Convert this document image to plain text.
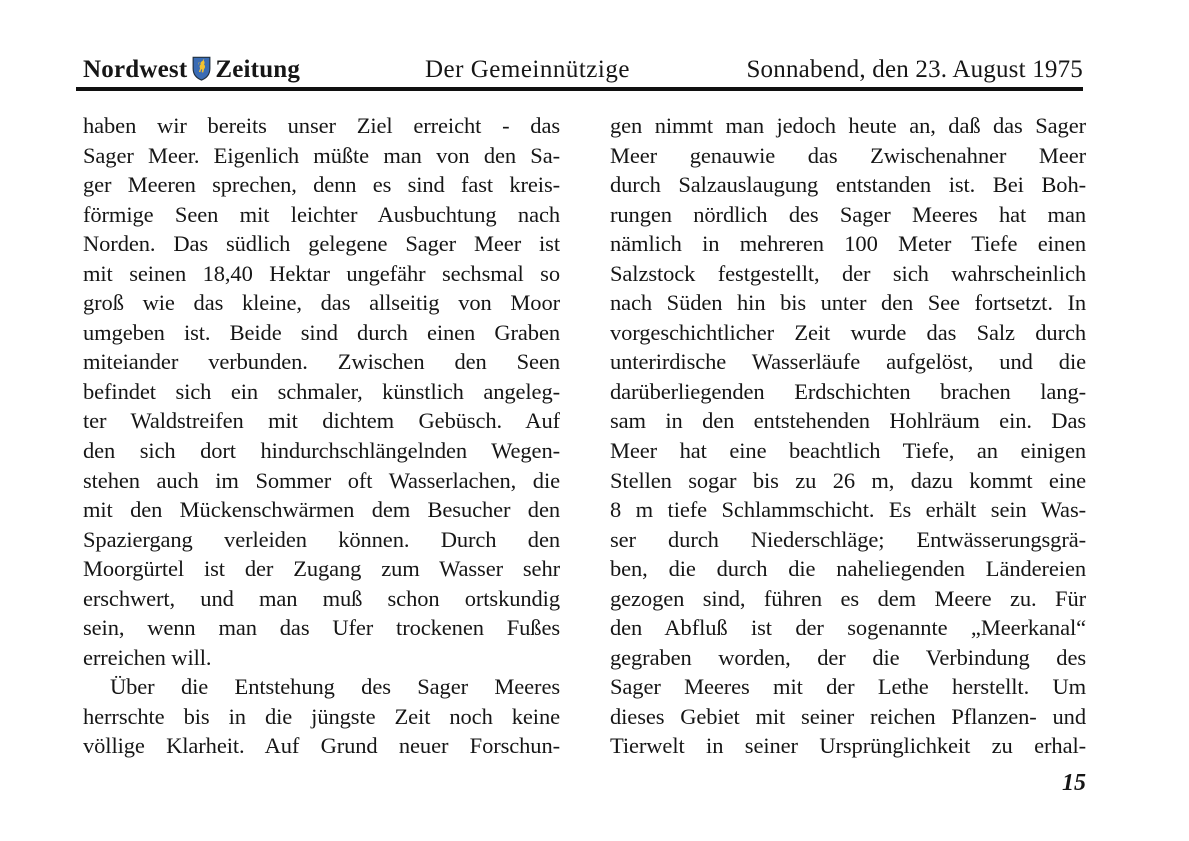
Nordwest Zeitung	Der Gemeinnützige	Sonnabend, den 23. August 1975
haben wir bereits unser Ziel erreicht - das
Sager Meer. Eigenlich müßte man von den Sa-
ger Meeren sprechen, denn es sind fast kreis-
förmige Seen mit leichter Ausbuchtung nach
Norden. Das südlich gelegene Sager Meer ist
mit seinen 18,40 Hektar ungefähr sechsmal so
groß wie das kleine, das allseitig von Moor
umgeben ist. Beide sind durch einen Graben
miteiander verbunden. Zwischen den Seen
befindet sich ein schmaler, künstlich angeleg-
ter Waldstreifen mit dichtem Gebüsch. Auf
den sich dort hindurchschlängelnden Wegen-
stehen auch im Sommer oft Wasserlachen, die
mit den Mückenschwärmen dem Besucher den
Spaziergang verleiden können. Durch den
Moorgürtel ist der Zugang zum Wasser sehr
erschwert, und man muß schon ortskundig
sein, wenn man das Ufer trockenen Fußes
erreichen will.
Über die Entstehung des Sager Meeres
herrschte bis in die jüngste Zeit noch keine
völlige Klarheit. Auf Grund neuer Forschun-
gen nimmt man jedoch heute an, daß das Sager
Meer genauwie das Zwischenahner Meer
durch Salzauslaugung entstanden ist. Bei Boh-
rungen nördlich des Sager Meeres hat man
nämlich in mehreren 100 Meter Tiefe einen
Salzstock festgestellt, der sich wahrscheinlich
nach Süden hin bis unter den See fortsetzt. In
vorgeschichtlicher Zeit wurde das Salz durch
unterirdische Wasserläufe aufgelöst, und die
darüberliegenden Erdschichten brachen lang-
sam in den entstehenden Hohlräum ein. Das
Meer hat eine beachtlich Tiefe, an einigen
Stellen sogar bis zu 26 m, dazu kommt eine
8 m tiefe Schlammschicht. Es erhält sein Was-
ser durch Niederschläge; Entwässerungsgrä-
ben, die durch die naheliegenden Ländereien
gezogen sind, führen es dem Meere zu. Für
den Abfluß ist der sogenannte „Meerkanal“
gegraben worden, der die Verbindung des
Sager Meeres mit der Lethe herstellt. Um
dieses Gebiet mit seiner reichen Pflanzen- und
Tierwelt in seiner Ursprünglichkeit zu erhal-
15
